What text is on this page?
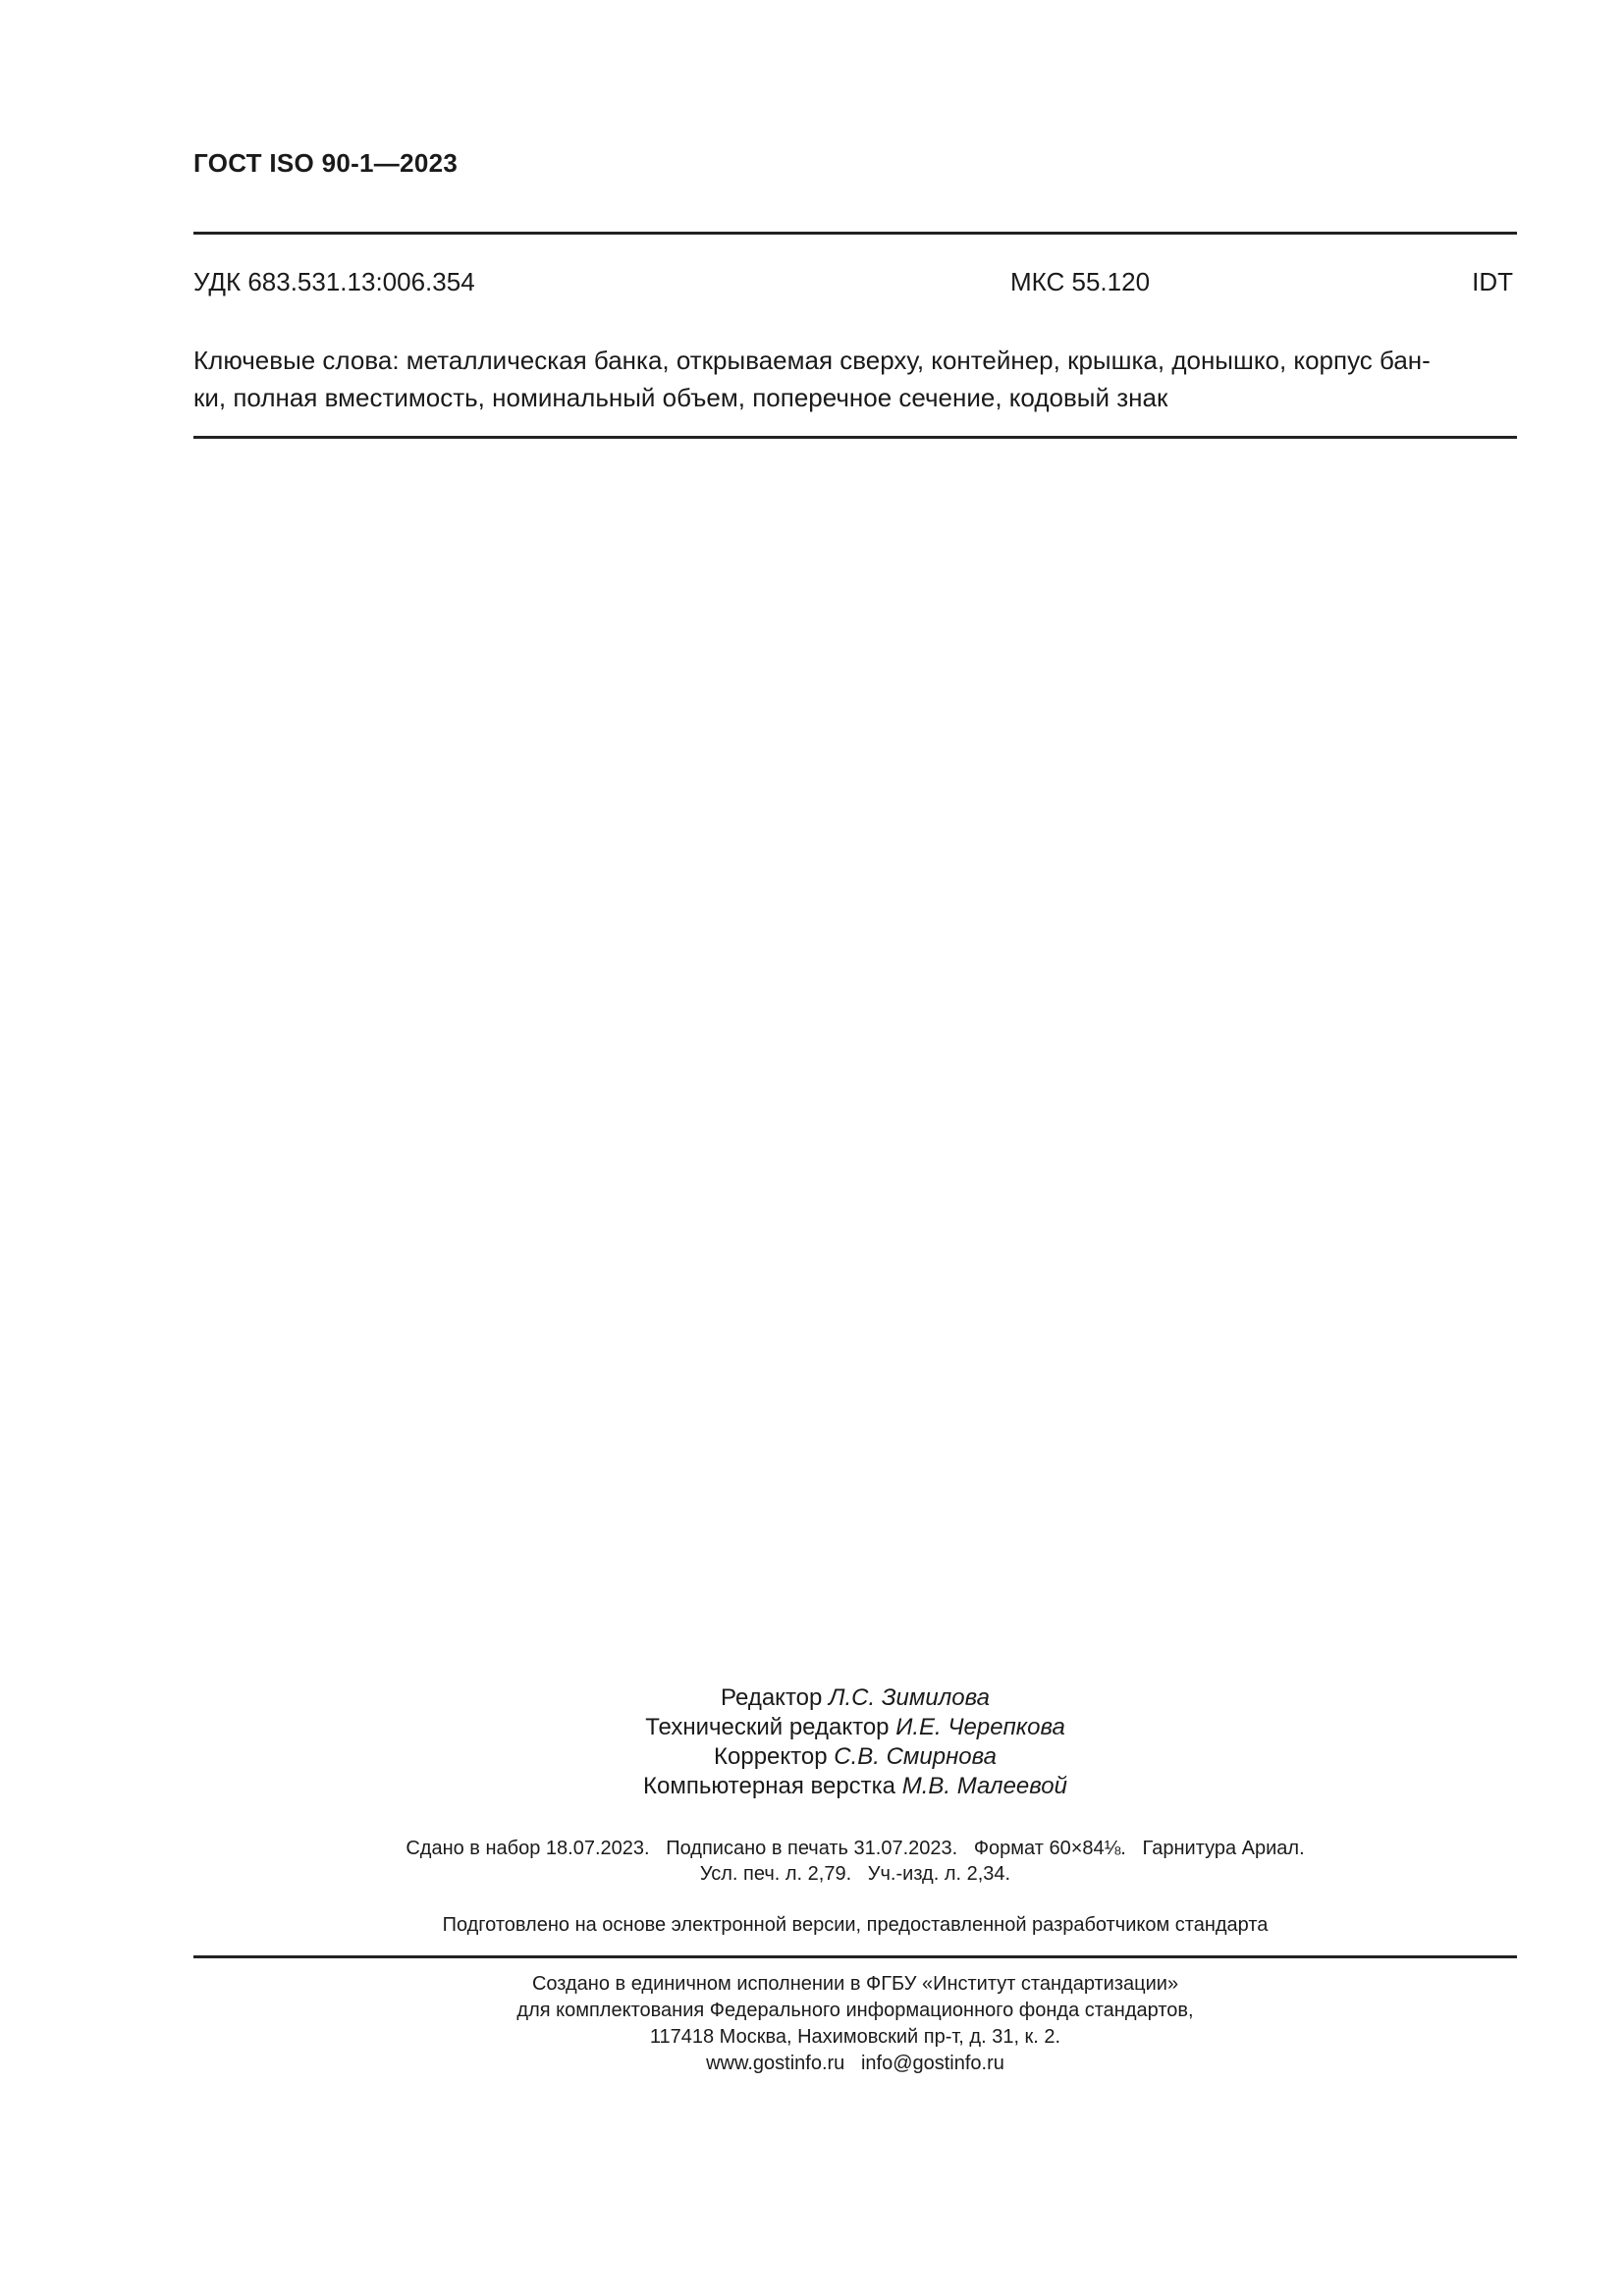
ГОСТ ISO 90-1—2023
УДК 683.531.13:006.354	МКС 55.120	IDT
Ключевые слова: металлическая банка, открываемая сверху, контейнер, крышка, донышко, корпус бан-
ки, полная вместимость, номинальный объем, поперечное сечение, кодовый знак
Редактор Л.С. Зимилова
Технический редактор И.Е. Черепкова
Корректор С.В. Смирнова
Компьютерная верстка М.В. Малеевой
Сдано в набор 18.07.2023.   Подписано в печать 31.07.2023.   Формат 60×84⅛.   Гарнитура Ариал.
Усл. печ. л. 2,79.   Уч.-изд. л. 2,34.
Подготовлено на основе электронной версии, предоставленной разработчиком стандарта
Создано в единичном исполнении в ФГБУ «Институт стандартизации»
для комплектования Федерального информационного фонда стандартов,
117418 Москва, Нахимовский пр-т, д. 31, к. 2.
www.gostinfo.ru   info@gostinfo.ru
